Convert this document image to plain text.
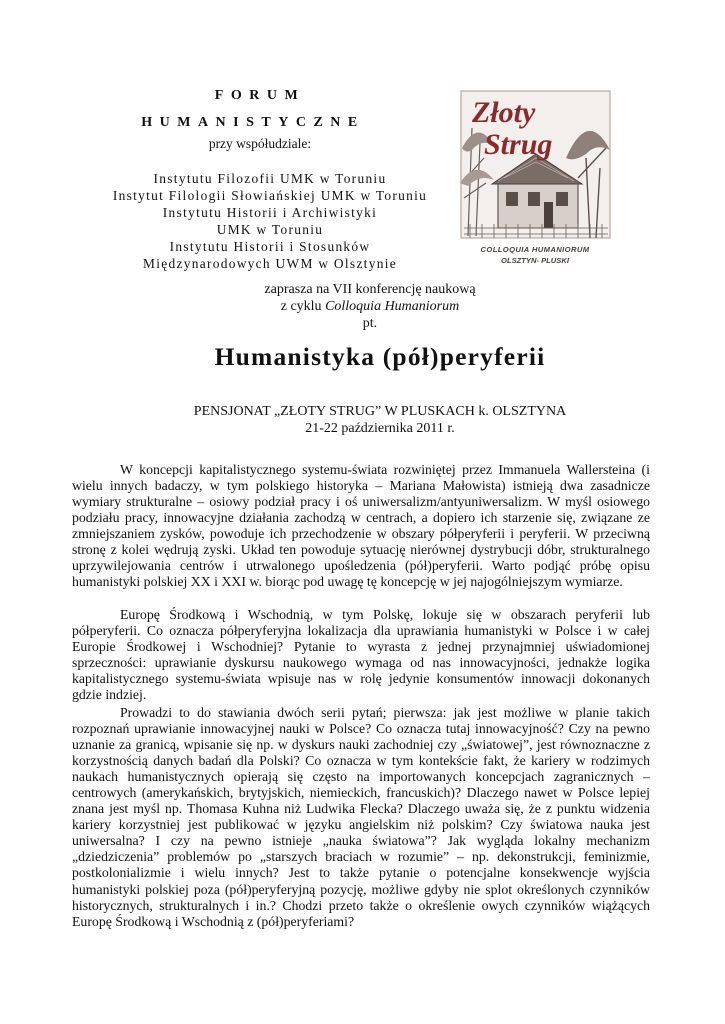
FORUM
HUMANISTYCZNE
przy współudziale:
Instytutu Filozofii UMK w Toruniu
Instytut Filologii Słowiańskiej UMK w Toruniu
Instytutu Historii i Archiwistyki
UMK w Toruniu
Instytutu Historii i Stosunków
Międzynarodowych UWM w Olsztynie
Złoty
Strug
COLLOQUIA HUMANIORUM
OLSZTYN- PLUSKI
zaprasza na VII konferencję naukową
z cyklu Colloquia Humaniorum
pt.
Humanistyka (pół)peryferii
PENSJONAT „ZŁOTY STRUG” W PLUSKACH k. OLSZTYNA
21-22 października 2011 r.

W koncepcji kapitalistycznego systemu-świata rozwiniętej przez Immanuela Wallersteina (i wielu innych badaczy, w tym polskiego historyka – Mariana Małowista) istnieją dwa zasadnicze wymiary strukturalne – osiowy podział pracy i oś uniwersalizm/antyuniwersalizm. W myśl osiowego podziału pracy, innowacyjne działania zachodzą w centrach, a dopiero ich starzenie się, związane ze zmniejszaniem zysków, powoduje ich przechodzenie w obszary półperyferii i peryferii. W przeciwną stronę z kolei wędrują zyski. Układ ten powoduje sytuację nierównej dystrybucji dóbr, strukturalnego uprzywilejowania centrów i utrwalonego upośledzenia (pół)peryferii. Warto podjąć próbę opisu humanistyki polskiej XX i XXI w. biorąc pod uwagę tę koncepcję w jej najogólniejszym wymiarze.

Europę Środkową i Wschodnią, w tym Polskę, lokuje się w obszarach peryferii lub półperyferii. Co oznacza półperyferyjna lokalizacja dla uprawiania humanistyki w Polsce i w całej Europie Środkowej i Wschodniej? Pytanie to wyrasta z jednej przynajmniej uświadomionej sprzeczności: uprawianie dyskursu naukowego wymaga od nas innowacyjności, jednakże logika kapitalistycznego systemu-świata wpisuje nas w rolę jedynie konsumentów innowacji dokonanych gdzie indziej.

Prowadzi to do stawiania dwóch serii pytań; pierwsza: jak jest możliwe w planie takich rozpoznań uprawianie innowacyjnej nauki w Polsce? Co oznacza tutaj innowacyjność? Czy na pewno uznanie za granicą, wpisanie się np. w dyskurs nauki zachodniej czy „światowej”, jest równoznaczne z korzystnością danych badań dla Polski? Co oznacza w tym kontekście fakt, że kariery w rodzimych naukach humanistycznych opierają się często na importowanych koncepcjach zagranicznych – centrowych (amerykańskich, brytyjskich, niemieckich, francuskich)? Dlaczego nawet w Polsce lepiej znana jest myśl np. Thomasa Kuhna niż Ludwika Flecka? Dlaczego uważa się, że z punktu widzenia kariery korzystniej jest publikować w języku angielskim niż polskim? Czy światowa nauka jest uniwersalna? I czy na pewno istnieje „nauka światowa”? Jak wygląda lokalny mechanizm „dziedziczenia” problemów po „starszych braciach w rozumie” – np. dekonstrukcji, feminizmie, postkolonializmie i wielu innych? Jest to także pytanie o potencjalne konsekwencje wyjścia humanistyki polskiej poza (pół)peryferyjną pozycję, możliwe gdyby nie splot określonych czynników historycznych, strukturalnych i in.? Chodzi przeto także o określenie owych czynników wiążących Europę Środkową i Wschodnią z (pół)peryferiami?
